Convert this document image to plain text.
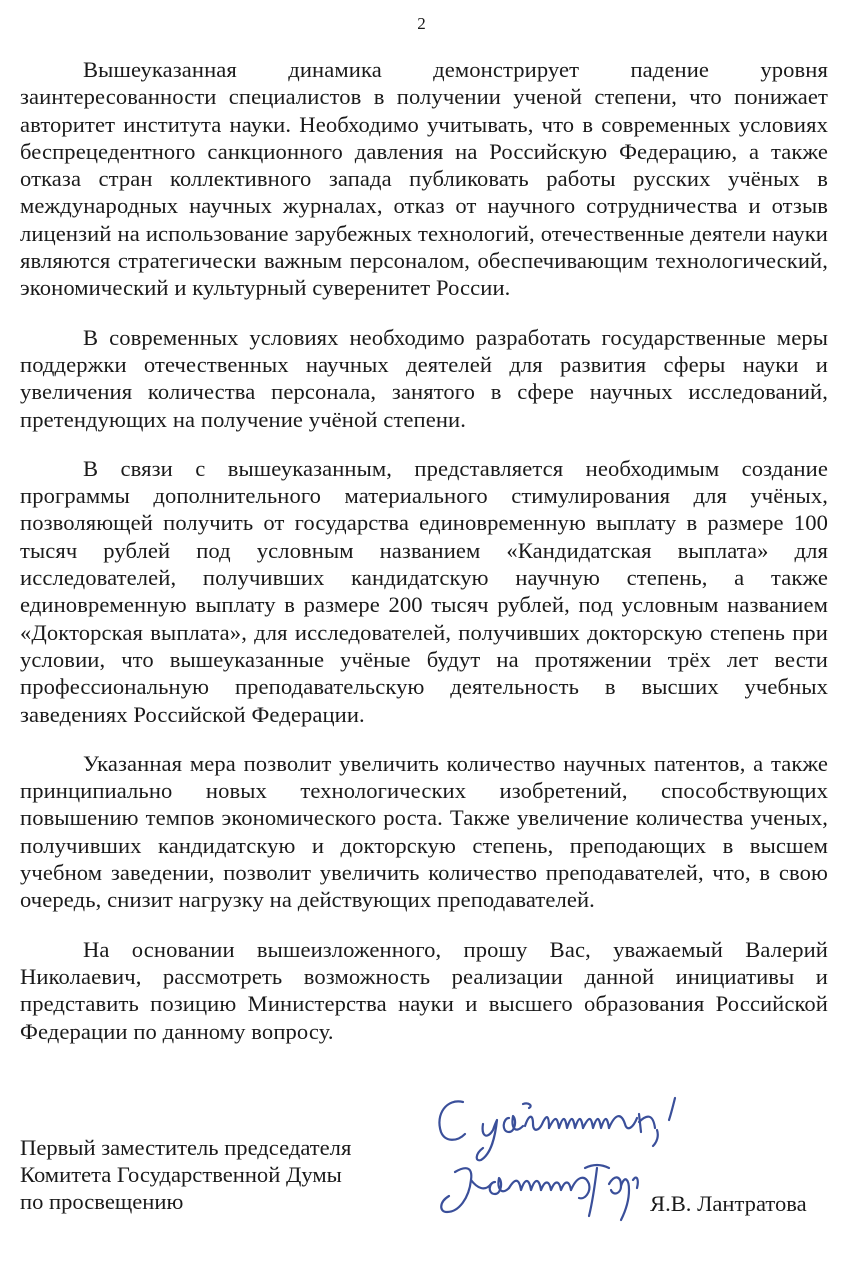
2

Вышеуказанная динамика демонстрирует падение уровня заинтересованности специалистов в получении ученой степени, что понижает авторитет института науки. Необходимо учитывать, что в современных условиях беспрецедентного санкционного давления на Российскую Федерацию, а также отказа стран коллективного запада публиковать работы русских учёных в международных научных журналах, отказ от научного сотрудничества и отзыв лицензий на использование зарубежных технологий, отечественные деятели науки являются стратегически важным персоналом, обеспечивающим технологический, экономический и культурный суверенитет России.

В современных условиях необходимо разработать государственные меры поддержки отечественных научных деятелей для развития сферы науки и увеличения количества персонала, занятого в сфере научных исследований, претендующих на получение учёной степени.

В связи с вышеуказанным, представляется необходимым создание программы дополнительного материального стимулирования для учёных, позволяющей получить от государства единовременную выплату в размере 100 тысяч рублей под условным названием «Кандидатская выплата» для исследователей, получивших кандидатскую научную степень, а также единовременную выплату в размере 200 тысяч рублей, под условным названием «Докторская выплата», для исследователей, получивших докторскую степень при условии, что вышеуказанные учёные будут на протяжении трёх лет вести профессиональную преподавательскую деятельность в высших учебных заведениях Российской Федерации.

Указанная мера позволит увеличить количество научных патентов, а также принципиально новых технологических изобретений, способствующих повышению темпов экономического роста. Также увеличение количества ученых, получивших кандидатскую и докторскую степень, преподающих в высшем учебном заведении, позволит увеличить количество преподавателей, что, в свою очередь, снизит нагрузку на действующих преподавателей.

На основании вышеизложенного, прошу Вас, уважаемый Валерий Николаевич, рассмотреть возможность реализации данной инициативы и представить позицию Министерства науки и высшего образования Российской Федерации по данному вопросу.

Первый заместитель председателя
Комитета Государственной Думы
по просвещению	Я.В. Лантратова
